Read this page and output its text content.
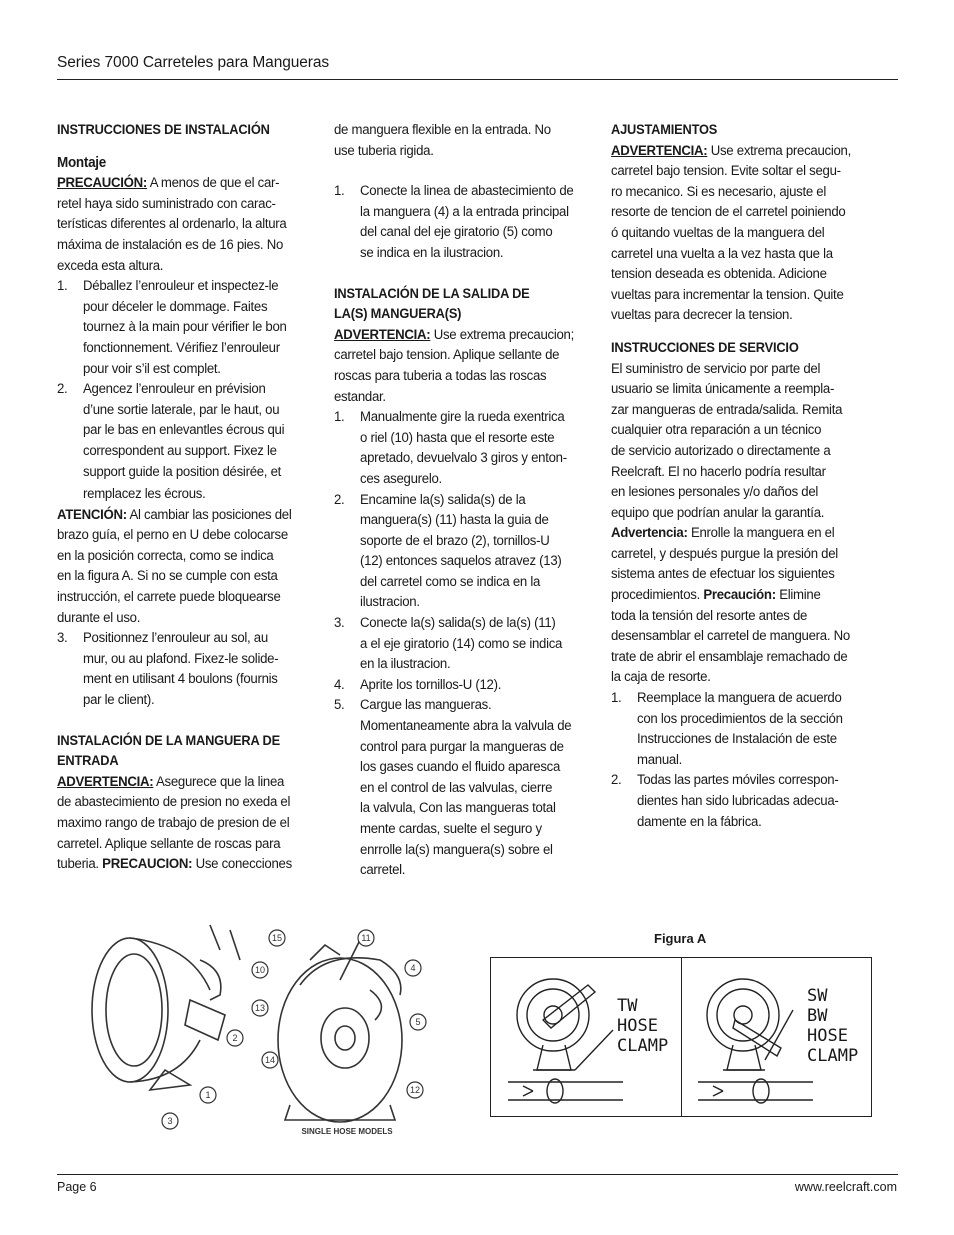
Series 7000 Carreteles para Mangueras

INSTRUCCIONES DE INSTALACIÓN

Montaje

PRECAUCIÓN: A menos de que el car-

retel haya sido suministrado con carac-

terísticas diferentes al ordenarlo, la altura

máxima de instalación es de 16 pies. No

exceda esta altura.

1. Déballez l’enrouleur et inspectez-le

pour déceler le dommage. Faites

tournez à la main pour vérifier le bon

fonctionnement. Vérifiez l’enrouleur

pour voir s’il est complet.

2. Agencez l’enrouleur en prévision

d’une sortie laterale, par le haut, ou

par le bas en enlevantles écrous qui

correspondent au support. Fixez le

support guide la position désirée, et

remplacez les écrous.

ATENCIÓN: Al cambiar las posiciones del

brazo guía, el perno en U debe colocarse

en la posición correcta, como se indica

en la figura A. Si no se cumple con esta

instrucción, el carrete puede bloquearse

durante el uso.

3. Positionnez l’enrouleur au sol, au

mur, ou au plafond. Fixez-le solide-

ment en utilisant 4 boulons (fournis

par le client).

INSTALACIÓN DE LA MANGUERA DE

ENTRADA

ADVERTENCIA: Asegurece que la linea

de abastecimiento de presion no exeda el

maximo rango de trabajo de presion de el

carretel. Aplique sellante de roscas para

tuberia. PRECAUCION: Use conecciones

de manguera flexible en la entrada. No

use tuberia rigida.

1. Conecte la linea de abastecimiento de

la manguera (4) a la entrada principal

del canal del eje giratorio (5) como

se indica en la ilustracion.

INSTALACIÓN DE LA SALIDA DE

LA(S) MANGUERA(S)

ADVERTENCIA: Use extrema precaucion;

carretel bajo tension. Aplique sellante de

roscas para tuberia a todas las roscas

estandar.

1. Manualmente gire la rueda exentrica

o riel (10) hasta que el resorte este

apretado, devuelvalo 3 giros y enton-

ces asegurelo.

2. Encamine la(s) salida(s) de la

manguera(s) (11) hasta la guia de

soporte de el brazo (2), tornillos-U

(12) entonces saquelos atravez (13)

del carretel como se indica en la

ilustracion.

3. Conecte la(s) salida(s) de la(s) (11)

a el eje giratorio (14) como se indica

en la ilustracion.

4. Aprite los tornillos-U (12).

5. Cargue las mangueras.

Momentaneamente abra la valvula de

control para purgar la mangueras de

los gases cuando el fluido aparesca

en el control de las valvulas, cierre

la valvula, Con las mangueras total

mente cardas, suelte el seguro y

enrrolle la(s) manguera(s) sobre el

carretel.

AJUSTAMIENTOS

ADVERTENCIA: Use extrema precaucion,

carretel bajo tension. Evite soltar el segu-

ro mecanico. Si es necesario, ajuste el

resorte de tencion de el carretel poiniendo

ó quitando vueltas de la manguera del

carretel una vuelta a la vez hasta que la

tension deseada es obtenida. Adicione

vueltas para incrementar la tension. Quite

vueltas para decrecer la tension.

INSTRUCCIONES DE SERVICIO

El suministro de servicio por parte del

usuario se limita únicamente a reempla-

zar mangueras de entrada/salida. Remita

cualquier otra reparación a un técnico

de servicio autorizado o directamente a

Reelcraft. El no hacerlo podría resultar

en lesiones personales y/o daños del

equipo que podrían anular la garantía.

Advertencia: Enrolle la manguera en el

carretel, y después purgue la presión del

sistema antes de efectuar los siguientes

procedimientos. Precaución: Elimine

toda la tensión del resorte antes de

desensamblar el carretel de manguera. No

trate de abrir el ensamblaje remachado de

la caja de resorte.

1. Reemplace la manguera de acuerdo

con los procedimientos de la sección

Instrucciones de Instalación de este

manual.

2. Todas las partes móviles correspon-

dientes han sido lubricadas adecua-

damente en la fábrica.

15	11
2
4
10
13
5
14
12
1
3
SINGLE HOSE MODELS
Figura A
TW
HOSE
CLAMP
SW
BW
HOSE
CLAMP
Page 6	www.reelcraft.com
